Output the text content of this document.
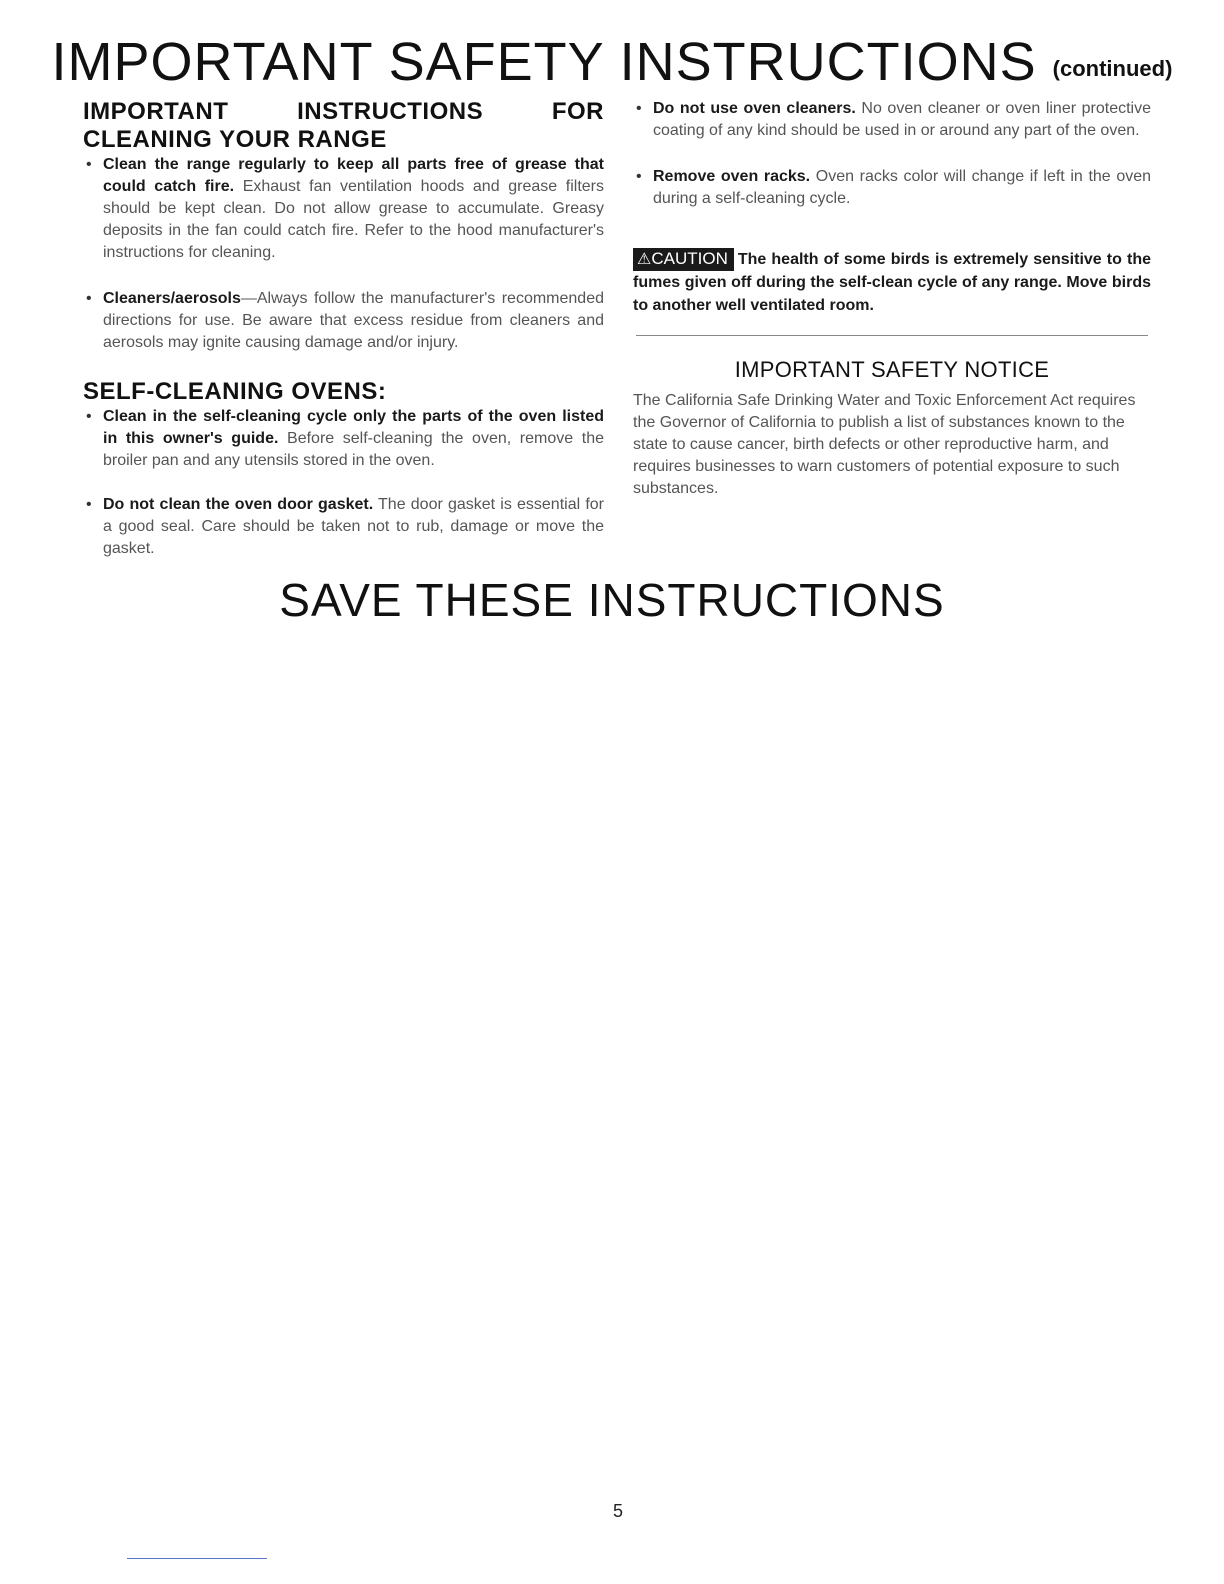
IMPORTANT SAFETY INSTRUCTIONS (continued)
IMPORTANT INSTRUCTIONS FOR CLEANING YOUR RANGE

• Clean the range regularly to keep all parts free of grease that could catch fire. Exhaust fan ventilation hoods and grease filters should be kept clean. Do not allow grease to accumulate. Greasy deposits in the fan could catch fire. Refer to the hood manufacturer's instructions for cleaning.

• Cleaners/aerosols—Always follow the manufacturer's recommended directions for use. Be aware that excess residue from cleaners and aerosols may ignite causing damage and/or injury.

SELF-CLEANING OVENS:

• Clean in the self-cleaning cycle only the parts of the oven listed in this owner's guide. Before self-cleaning the oven, remove the broiler pan and any utensils stored in the oven.

• Do not clean the oven door gasket. The door gasket is essential for a good seal. Care should be taken not to rub, damage or move the gasket.

• Do not use oven cleaners. No oven cleaner or oven liner protective coating of any kind should be used in or around any part of the oven.

• Remove oven racks. Oven racks color will change if left in the oven during a self-cleaning cycle.

⚠CAUTION The health of some birds is extremely sensitive to the fumes given off during the self-clean cycle of any range. Move birds to another well ventilated room.
IMPORTANT SAFETY NOTICE
The California Safe Drinking Water and Toxic Enforcement Act requires the Governor of California to publish a list of substances known to the state to cause cancer, birth defects or other reproductive harm, and requires businesses to warn customers of potential exposure to such substances.
SAVE THESE INSTRUCTIONS
5
